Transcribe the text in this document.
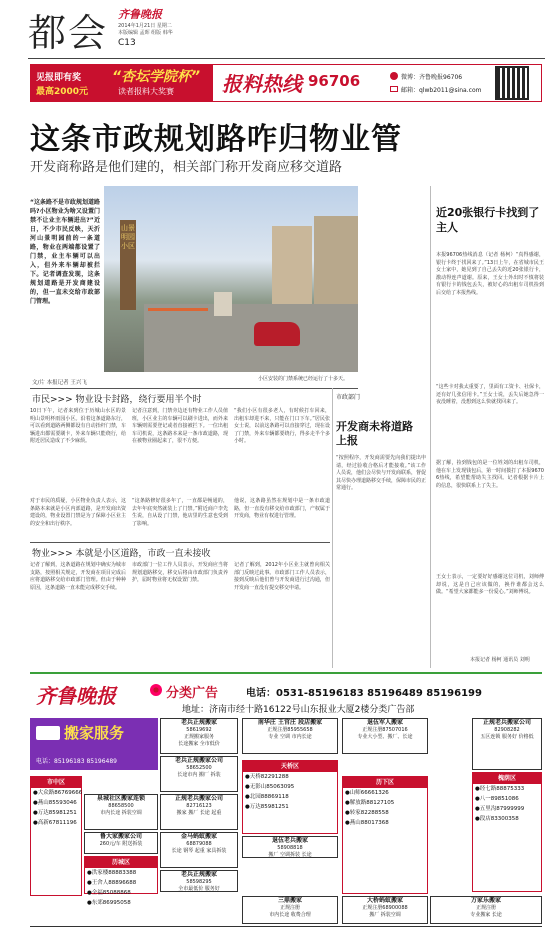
都会 齐鲁晚报
2014年1月21日 星期二
本版编辑 孟晖 组版 韩华
C13
见报即有奖
最高2000元
“杏坛学院杯”
读者报料大奖赛 报料热线 96706	微博：齐鲁晚报96706
邮箱：qlwb2011@sina.com
这条市政规划路咋归物业管
开发商称路是他们建的，相关部门称开发商应移交道路
“这条路不是市政规划道路吗?小区物业为啥又设置门禁不让业主车辆进出?”近日，不少市民反映，天沂河山景明园前的一条道路，物业在两端都设置了门禁，业主车辆可以出入，但外来车辆却被拦下。记者调查发现，这条规划道路是开发商建设的，但一直未交给市政部门管理。
山景明园小区
小区安装的门禁系统已经运行了十多天。
文/片 本报记者 王兴飞
市民>>> 物业设卡封路，绕行要用半个时
10日下午，记者来到位于历城山水区的景明山景明杯雨园小区。沿着这条道路东行，可以看到道路两侧都设有自动抬杆门禁，车辆进出都需要刷卡，外来车辆只能绕行，给附近居民造成了不少麻烦。
记者注意到，门禁旁边还有物业工作人员值班，小区业主的车辆可以刷卡进出，而外来车辆则需要登记或者直接被拦下。一位出租车司机说，这条路本来是一条市政道路，现在被物业圈起来了，很不方便。
“我们小区有很多老人，有时候打车回来，出租车却进不来，只能在门口下车。”居民张女士说，以前这条路可以直接穿过，现在设了门禁，外来车辆都要绕行，得多走半个多小时。
物业>>> 本就是小区道路，市政一直未接收
对于市民的质疑，小区物业负责人表示，这条路本来就是小区内部道路，是开发商出资建设的，物业设置门禁是为了保障小区业主的安全和出行秩序。
“这条路修好很多年了，一直都是畅通的，去年年底突然就装上了门禁。”附近商户李先生说，自从设了门禁，他店里的生意也受到了影响。
他说，这条路虽然在规划中是一条市政道路，但一直没有移交给市政部门，产权属于开发商，物业有权进行管理。
记者了解到，这条道路在规划中确实为城市支路，按照相关规定，开发商在项目完成后应将道路移交给市政部门管理。但由于种种原因，这条道路一直未能完成移交手续。
市政部门一位工作人员表示，开发商应当将规划道路移交，移交后将由市政部门负责养护，届时物业将无权设置门禁。
记者了解到，2012年小区业主就曾向相关部门反映过此事。市政部门工作人员表示，接到反映后他们曾与开发商进行过沟通，但开发商一直没有提交移交申请。
市政部门
开发商未将道路上报
“按照程序，开发商需要先向我们提出申请，经过验收合格后才能接收。”该工作人员说，他们会尽快与开发商联系，督促其尽快办理道路移交手续，保障市民的正常通行。
近20张银行卡找到了主人
本报96706热线消息（记者 杨柯）“真得感谢，银行卡终于找回来了。”13日上午，在省城市民王女士家中，她见到了自己丢失的近20张银行卡，激动得连声道谢。原来，王女士外出时不慎将装有银行卡的钱包丢失，被好心的出租车司机捡到后交给了本报热线。
“这些卡对我太重要了，里面有工资卡、社保卡，还有好几张信用卡。”王女士说，丢失后她急得一夜没睡着，没想到这么快就找回来了。
据了解，捡到钱包的是一位姓刘的出租车司机，他在车上发现钱包后，第一时间拨打了本报96706热线，希望能帮助失主找回。记者根据卡片上的信息，很快联系上了失主。
王女士表示，一定要好好感谢这位司机，刘师傅却说，这是自己应该做的，换作谁都会这么做。“希望大家都能多一份爱心。”刘师傅说。
本报记者 杨柯 通讯员 刘明
齐鲁晚报	分类广告	电话：0531-85196183 85196489 85196199
地址：济南市经十路16122号山东报业大厦2楼分类广告部
搬家服务
电话：85196183 85196489
老兵正规搬家
58619692
正规搬家服务
长途搬家 全市低价
南华庄 王官庄 段店搬家
正规注册85955658
专业 空调 市内长途
退伍军人搬家
正规注册87507016
专业大小型、搬厂、长途
老兵正规搬家公司
58652500
长途市内 搬厂 拆装
正规老兵搬家公司
82908282
五区连锁 服务好 价格低
泉城社区搬家连锁
88658500
市内长途 拆装空调
正规老兵搬家公司
82716123
搬家 搬厂 长途 起重
鲁大家搬家公司
260元/车 附送拆装
金马蚂蚁搬家
68879088
长途 钢琴 起重 家具拆装
退伍老兵搬家
58908818
搬厂 空调拆装 长途
老兵正规搬家
58598295
全市最低价 服务好
三鼎搬家
正规注册
市内长途 收费合理
大桥蚂蚁搬家
正规注册68900088
搬厂 拆装空调
万家乐搬家
正规注册
专业搬家 长途
历下区
●山师66661326
●解放路88127105
●转家82288558
●燕山88017368
市中区
●大众路86769666
●燕山85593046
●万达85981251
●高新67811196
天桥区
●天桥82291288
●无影山85063095
●北园88869118
●万达85981251
历城区
●洪家楼88883388
●王舍人88896688
●全福85088868
●东郊86995058
槐荫区
●经七路88875333
●八一89851086
●五里沟87999999
●段店83300358
